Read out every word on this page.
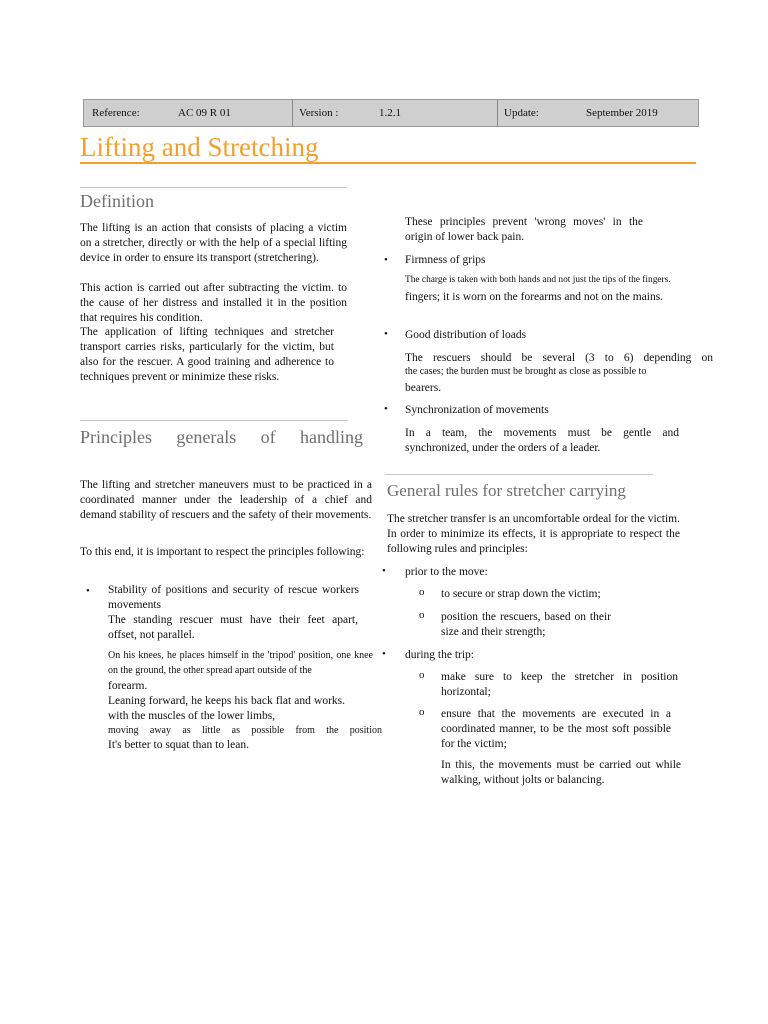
Reference:	AC 09 R 01	Version :	1.2.1	Update:	September 2019
Lifting and Stretching
Definition

The lifting is an action that consists of placing a victim on a stretcher, directly or with the help of a special lifting device in order to ensure its transport (stretchering).

This action is carried out after subtracting the victim. to the cause of her distress and installed it in the position that requires his condition.

The application of lifting techniques and stretcher transport carries risks, particularly for the victim, but also for the rescuer. A good training and adherence to techniques prevent or minimize these risks.

Principles generals of handling

The lifting and stretcher maneuvers must to be practiced in a coordinated manner under the leadership of a chief and demand stability of rescuers and the safety of their movements.

To this end, it is important to respect the principles following:

• Stability of positions and security of rescue workers movements

The standing rescuer must have their feet apart, offset, not parallel.

On his knees, he places himself in the 'tripod' position, one knee on the ground, the other spread apart outside of the

forearm.

Leaning forward, he keeps his back flat and works. with the muscles of the lower limbs,

moving away as little as possible from the position

It's better to squat than to lean.

These principles prevent 'wrong moves' in the origin of lower back pain.

• Firmness of grips

The charge is taken with both hands and not just the tips of the fingers.

fingers; it is worn on the forearms and not on the mains.

• Good distribution of loads

The rescuers should be several (3 to 6) depending on

the cases; the burden must be brought as close as possible to

bearers.

• Synchronization of movements

In a team, the movements must be gentle and synchronized, under the orders of a leader.

General rules for stretcher carrying

The stretcher transfer is an uncomfortable ordeal for the victim. In order to minimize its effects, it is appropriate to respect the following rules and principles:

• prior to the move:

o to secure or strap down the victim;

o position the rescuers, based on their size and their strength;

• during the trip:

o make sure to keep the stretcher in position horizontal;

o ensure that the movements are executed in a coordinated manner, to be the most soft possible for the victim;

In this, the movements must be carried out while walking, without jolts or balancing.
